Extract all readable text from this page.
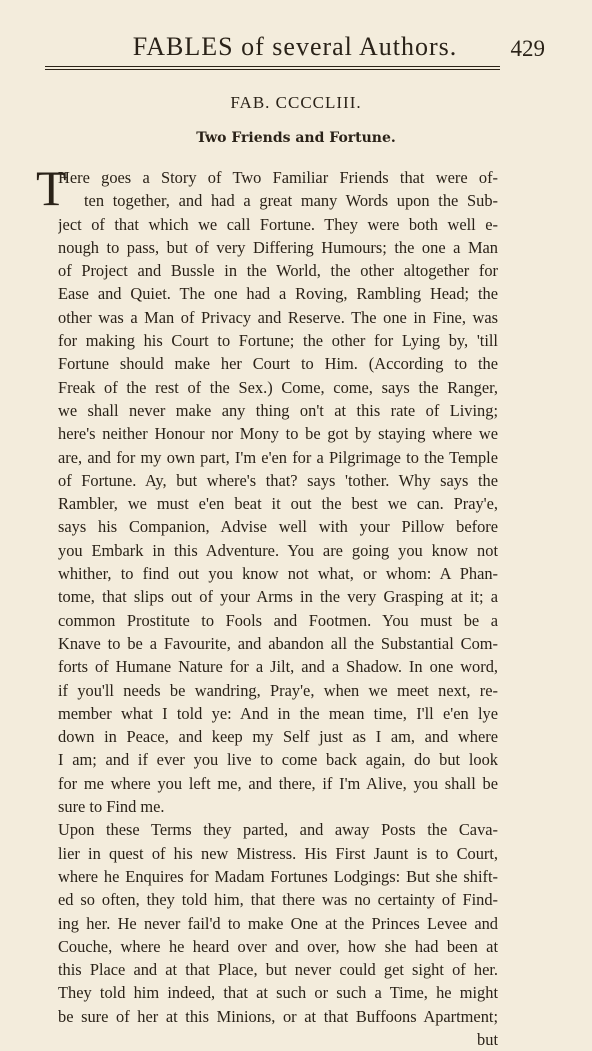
FABLES of several Authors.	429
FAB. CCCCLIII.
Two Friends and Fortune.
T
Here goes a Story of Two Familiar Friends that were of-
ten together, and had a great many Words upon the Sub-
ject of that which we call Fortune. They were both well e-
nough to pass, but of very Differing Humours; the one a Man
of Project and Bussle in the World, the other altogether for
Ease and Quiet. The one had a Roving, Rambling Head; the
other was a Man of Privacy and Reserve. The one in Fine, was
for making his Court to Fortune; the other for Lying by, 'till
Fortune should make her Court to Him. (According to the
Freak of the rest of the Sex.) Come, come, says the Ranger,
we shall never make any thing on't at this rate of Living;
here's neither Honour nor Mony to be got by staying where we
are, and for my own part, I'm e'en for a Pilgrimage to the Temple
of Fortune. Ay, but where's that? says 'tother. Why says the
Rambler, we must e'en beat it out the best we can. Pray'e,
says his Companion, Advise well with your Pillow before
you Embark in this Adventure. You are going you know not
whither, to find out you know not what, or whom: A Phan-
tome, that slips out of your Arms in the very Grasping at it; a
common Prostitute to Fools and Footmen. You must be a
Knave to be a Favourite, and abandon all the Substantial Com-
forts of Humane Nature for a Jilt, and a Shadow. In one word,
if you'll needs be wandring, Pray'e, when we meet next, re-
member what I told ye: And in the mean time, I'll e'en lye
down in Peace, and keep my Self just as I am, and where
I am; and if ever you live to come back again, do but look
for me where you left me, and there, if I'm Alive, you shall be
sure to Find me.
Upon these Terms they parted, and away Posts the Cava-
lier in quest of his new Mistress. His First Jaunt is to Court,
where he Enquires for Madam Fortunes Lodgings: But she shift-
ed so often, they told him, that there was no certainty of Find-
ing her. He never fail'd to make One at the Princes Levee and
Couche, where he heard over and over, how she had been at
this Place and at that Place, but never could get sight of her.
They told him indeed, that at such or such a Time, he might
be sure of her at this Minions, or at that Buffoons Apartment;
but
